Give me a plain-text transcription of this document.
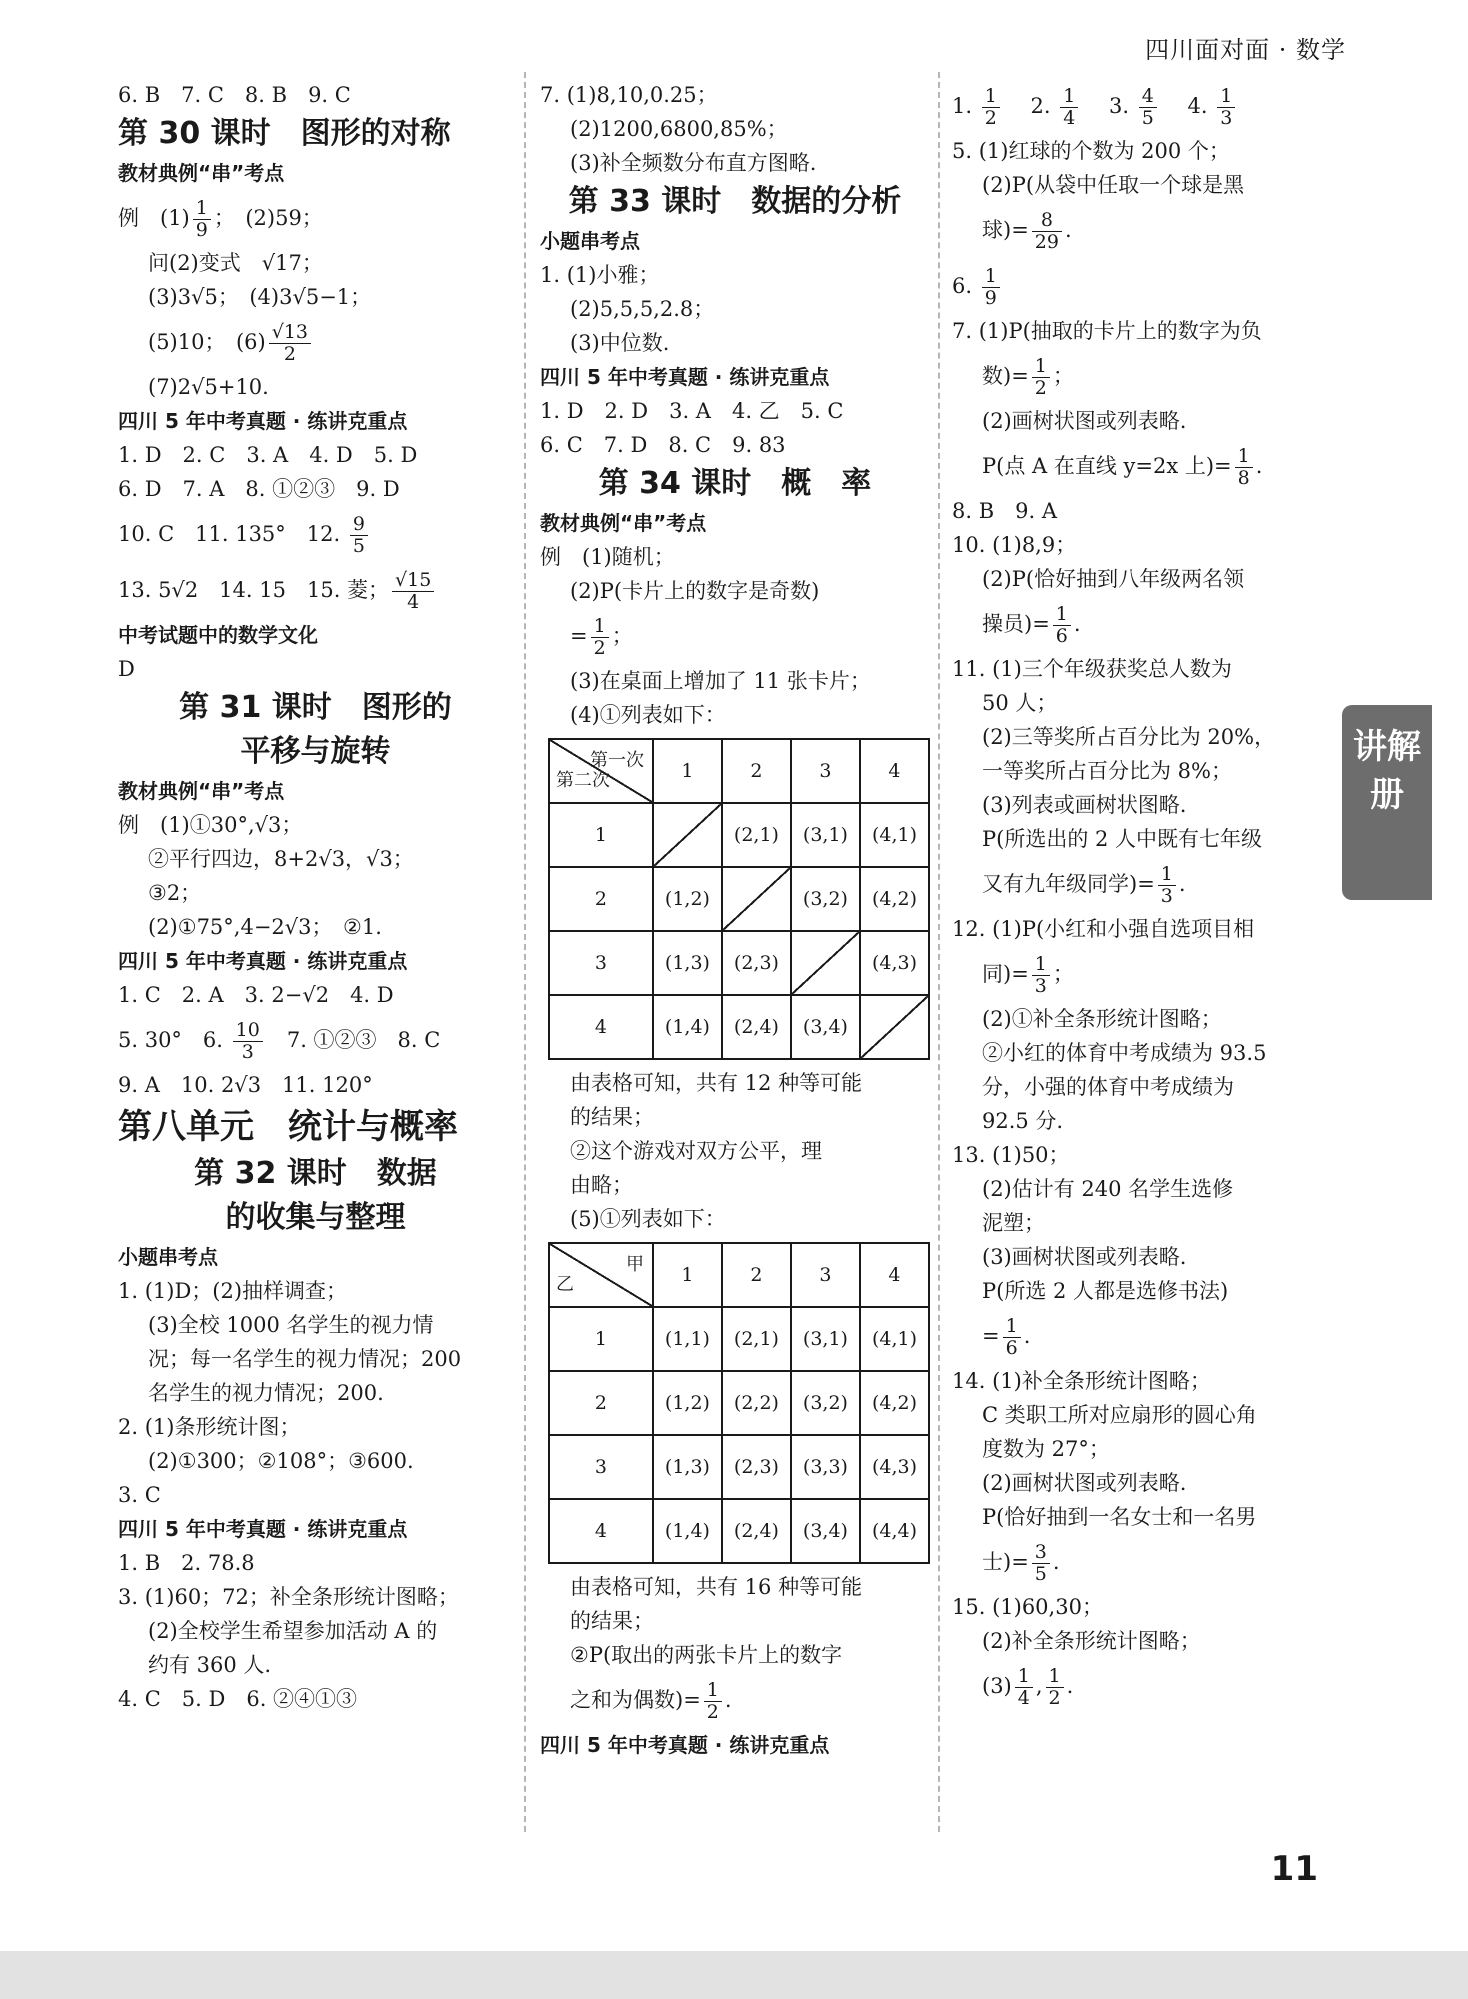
四川面对面 · 数学
6. B　7. C　8. B　9. C
第 30 课时　图形的对称
教材典例“串”考点
例　$(1) \frac{1}{9}$ ；　(2)59；
问(2)变式　√17；
(3)3√5；　(4)3√5−1；
(5)10；　$(6) \frac{√13}{2}$
(7)2√5+10.
四川 5 年中考真题 · 练讲克重点
1. D　2. C　3. A　4. D　5. D
6. D　7. A　8. ①②③　9. D
10. C　11. 135°　12. $\frac{9}{5}$
13. 5√2　14. 15　15. 菱； $\frac{√15}{4}$
中考试题中的数学文化
D
第 31 课时　图形的
平移与旋转
教材典例“串”考点
例　(1)①30°,√3；
②平行四边，8+2√3，√3；
③2；
(2)①75°,4−2√3；　②1.
四川 5 年中考真题 · 练讲克重点
1. C　2. A　3. 2−√2　4. D
5. 30°　6. $\frac{10}{3}$ 　7. ①②③　8. C
9. A　10. 2√3　11. 120°
第八单元　统计与概率
第 32 课时　数据
的收集与整理
小题串考点
1. (1)D；(2)抽样调查；
(3)全校 1000 名学生的视力情
况；每一名学生的视力情况；200
名学生的视力情况；200.
2. (1)条形统计图；
(2)①300；②108°；③600.
3. C
四川 5 年中考真题 · 练讲克重点
1. B　2. 78.8
3. (1)60；72；补全条形统计图略；
(2)全校学生希望参加活动 A 的
约有 360 人.
4. C　5. D　6. ②④①③
7. (1)8,10,0.25；
(2)1200,6800,85%；
(3)补全频数分布直方图略.
第 33 课时　数据的分析
小题串考点
1. (1)小雅；
(2)5,5,5,2.8；
(3)中位数.
四川 5 年中考真题 · 练讲克重点
1. D　2. D　3. A　4. 乙　5. C
6. C　7. D　8. C　9. 83
第 34 课时　概　率
教材典例“串”考点
例　(1)随机；
(2)P(卡片上的数字是奇数)
= $\frac{1}{2}$ ；
(3)在桌面上增加了 11 张卡片；
(4)①列表如下：
第一次
第二次	1	2	3	4
1		(2,1)	(3,1)	(4,1)
2	(1,2)		(3,2)	(4,2)
3	(1,3)	(2,3)		(4,3)
4	(1,4)	(2,4)	(3,4)	
由表格可知，共有 12 种等可能
的结果；
②这个游戏对双方公平，理
由略；
(5)①列表如下：
甲
乙	1	2	3	4
1	(1,1)	(2,1)	(3,1)	(4,1)
2	(1,2)	(2,2)	(3,2)	(4,2)
3	(1,3)	(2,3)	(3,3)	(4,3)
4	(1,4)	(2,4)	(3,4)	(4,4)
由表格可知，共有 16 种等可能
的结果；
②P(取出的两张卡片上的数字
之和为偶数)= $\frac{1}{2}$ .
四川 5 年中考真题 · 练讲克重点
1. $\frac{1}{2}$ 　2. $\frac{1}{4}$ 　3. $\frac{4}{5}$ 　4. $\frac{1}{3}$
5. (1)红球的个数为 200 个；
(2)P(从袋中任取一个球是黑
球)= $\frac{8}{29}$ .
6. $\frac{1}{9}$
7. (1)P(抽取的卡片上的数字为负
数)= $\frac{1}{2}$ ；
(2)画树状图或列表略.
P(点 A 在直线 y=2x 上)= $\frac{1}{8}$ .
8. B　9. A
10. (1)8,9；
(2)P(恰好抽到八年级两名领
操员)= $\frac{1}{6}$ .
11. (1)三个年级获奖总人数为
50 人；
(2)三等奖所占百分比为 20%，
一等奖所占百分比为 8%；
(3)列表或画树状图略.
P(所选出的 2 人中既有七年级
又有九年级同学)= $\frac{1}{3}$ .
12. (1)P(小红和小强自选项目相
同)= $\frac{1}{3}$ ；
(2)①补全条形统计图略；
②小红的体育中考成绩为 93.5
分，小强的体育中考成绩为
92.5 分.
13. (1)50；
(2)估计有 240 名学生选修
泥塑；
(3)画树状图或列表略.
P(所选 2 人都是选修书法)
= $\frac{1}{6}$ .
14. (1)补全条形统计图略；
C 类职工所对应扇形的圆心角
度数为 27°；
(2)画树状图或列表略.
P(恰好抽到一名女士和一名男
士)= $\frac{3}{5}$ .
15. (1)60,30；
(2)补全条形统计图略；
$(3) \frac{1}{4}$ , $\frac{1}{2}$ .
讲解册
11
